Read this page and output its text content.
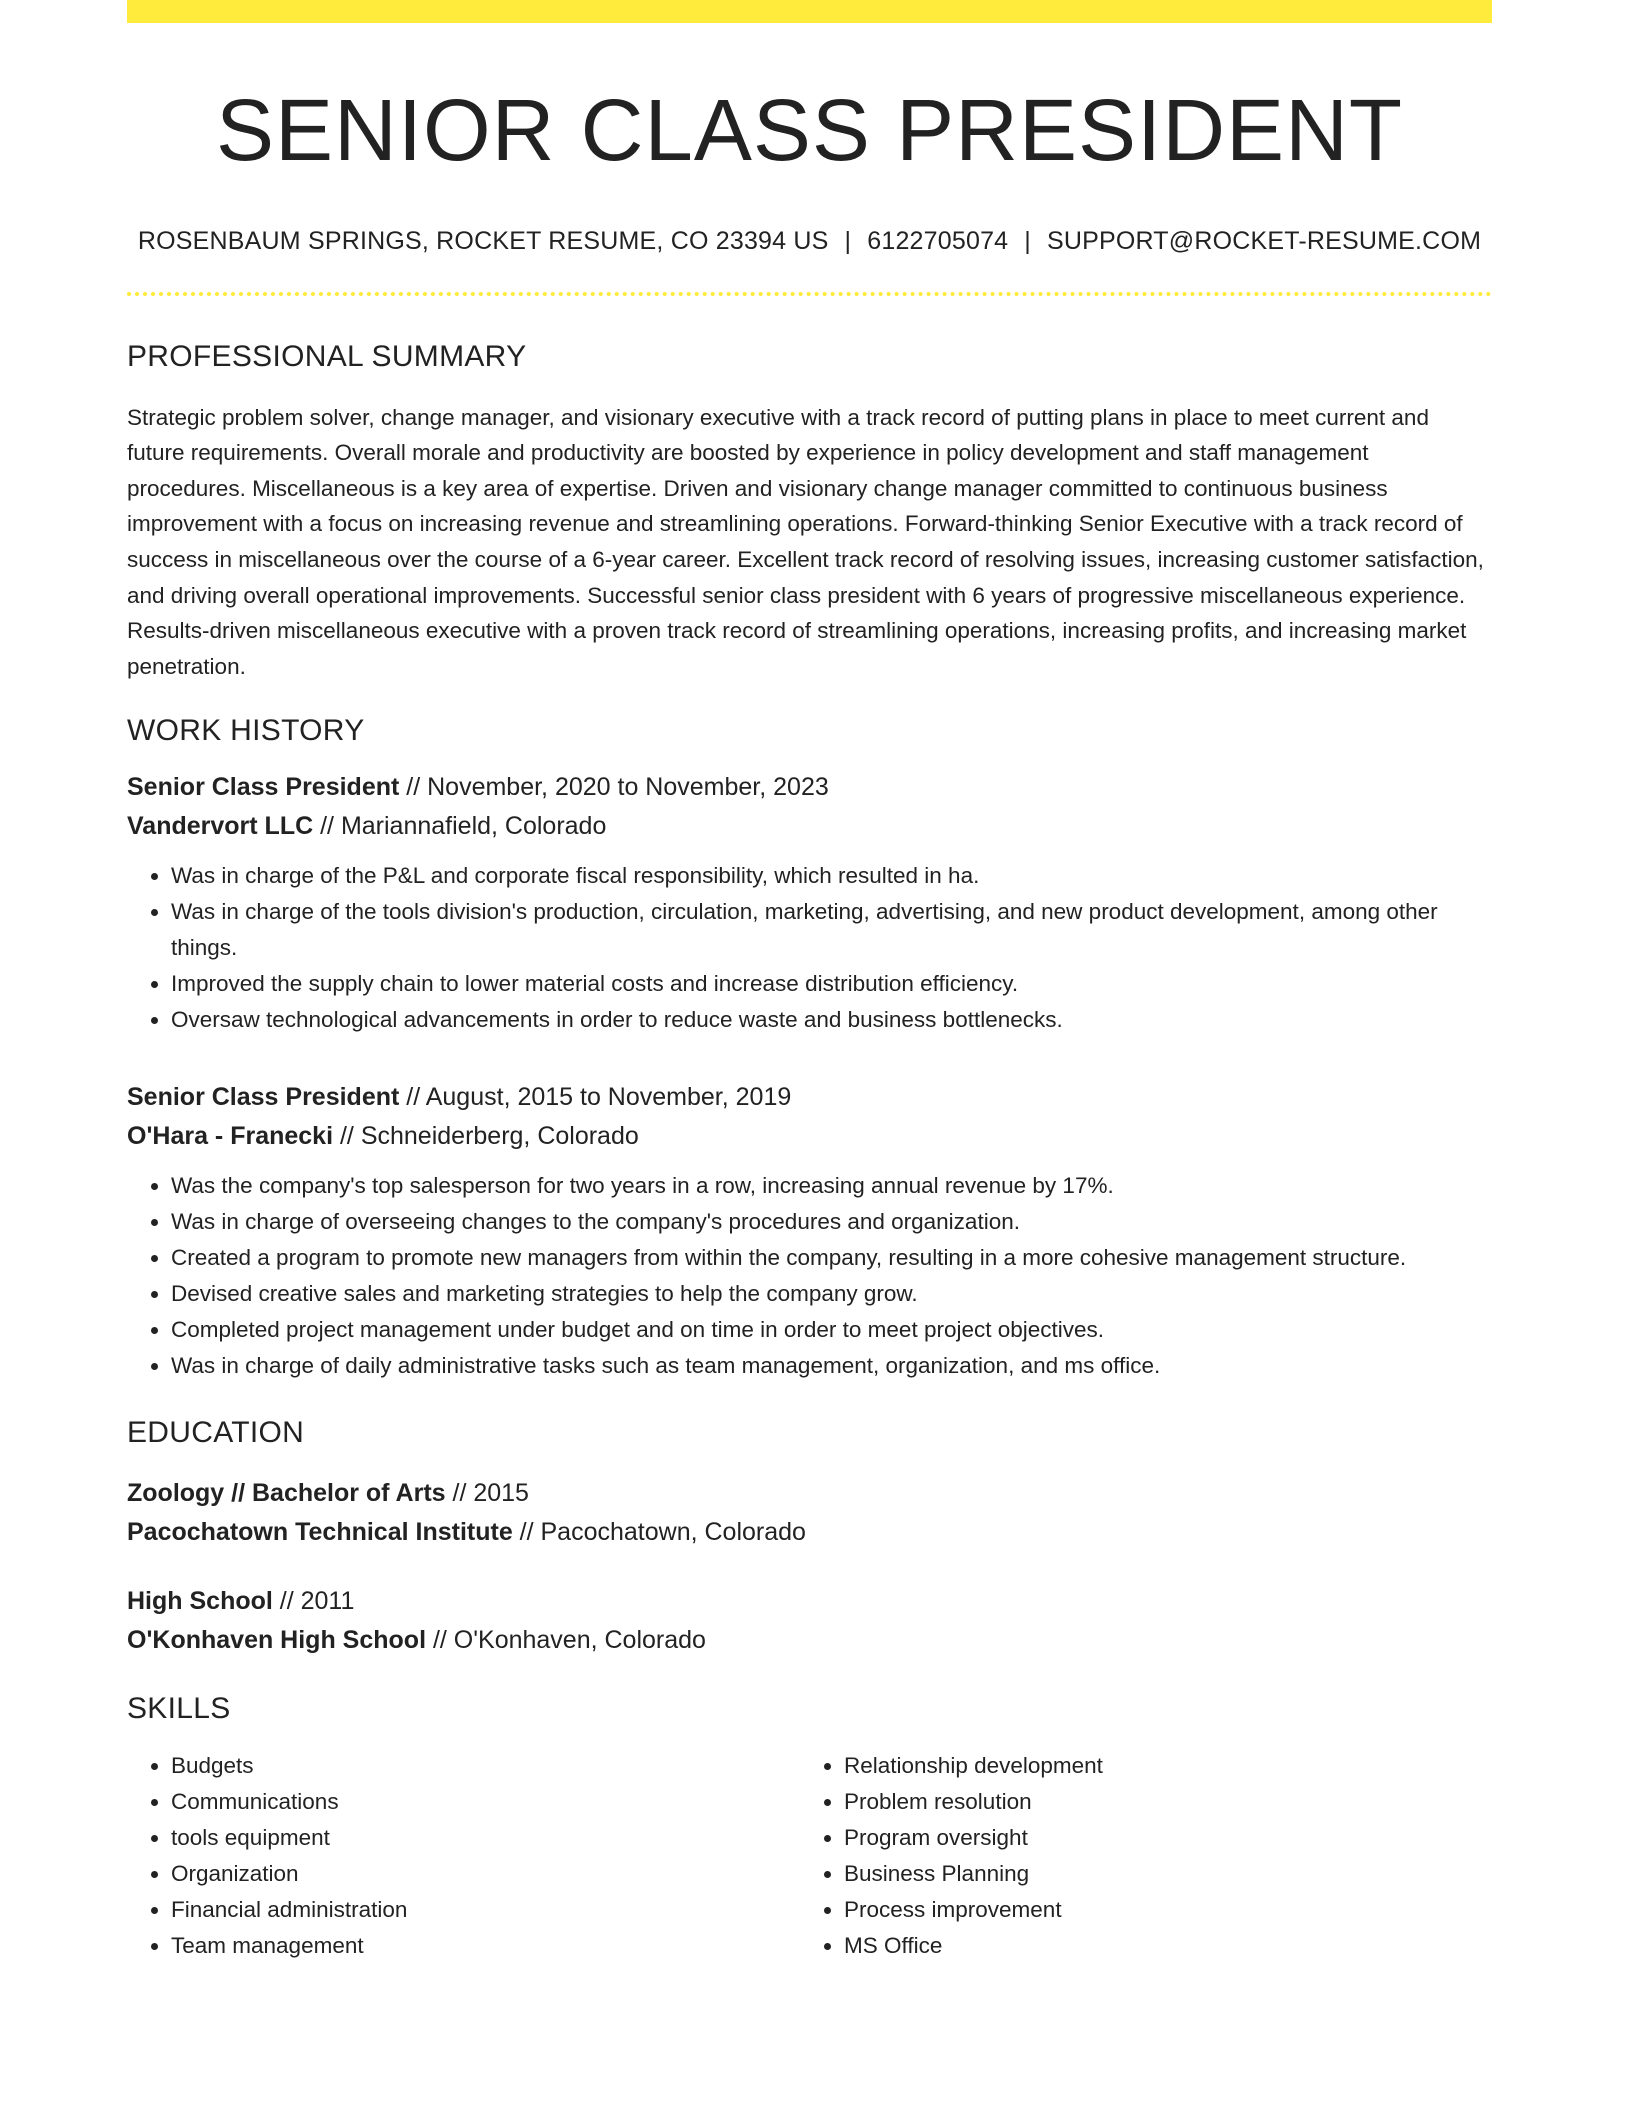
SENIOR CLASS PRESIDENT
ROSENBAUM SPRINGS, ROCKET RESUME, CO 23394 US | 6122705074 | SUPPORT@ROCKET-RESUME.COM
PROFESSIONAL SUMMARY
Strategic problem solver, change manager, and visionary executive with a track record of putting plans in place to meet current and future requirements. Overall morale and productivity are boosted by experience in policy development and staff management procedures. Miscellaneous is a key area of expertise. Driven and visionary change manager committed to continuous business improvement with a focus on increasing revenue and streamlining operations. Forward-thinking Senior Executive with a track record of success in miscellaneous over the course of a 6-year career. Excellent track record of resolving issues, increasing customer satisfaction, and driving overall operational improvements. Successful senior class president with 6 years of progressive miscellaneous experience. Results-driven miscellaneous executive with a proven track record of streamlining operations, increasing profits, and increasing market penetration.
WORK HISTORY
Senior Class President // November, 2020 to November, 2023
Vandervort LLC // Mariannafield, Colorado
• Was in charge of the P&L and corporate fiscal responsibility, which resulted in ha.
• Was in charge of the tools division's production, circulation, marketing, advertising, and new product development, among other things.
• Improved the supply chain to lower material costs and increase distribution efficiency.
• Oversaw technological advancements in order to reduce waste and business bottlenecks.
Senior Class President // August, 2015 to November, 2019
O'Hara - Franecki // Schneiderberg, Colorado
• Was the company's top salesperson for two years in a row, increasing annual revenue by 17%.
• Was in charge of overseeing changes to the company's procedures and organization.
• Created a program to promote new managers from within the company, resulting in a more cohesive management structure.
• Devised creative sales and marketing strategies to help the company grow.
• Completed project management under budget and on time in order to meet project objectives.
• Was in charge of daily administrative tasks such as team management, organization, and ms office.
EDUCATION
Zoology // Bachelor of Arts // 2015
Pacochatown Technical Institute // Pacochatown, Colorado
High School // 2011
O'Konhaven High School // O'Konhaven, Colorado
SKILLS
• Budgets
• Communications
• tools equipment
• Organization
• Financial administration
• Team management
• Relationship development
• Problem resolution
• Program oversight
• Business Planning
• Process improvement
• MS Office
